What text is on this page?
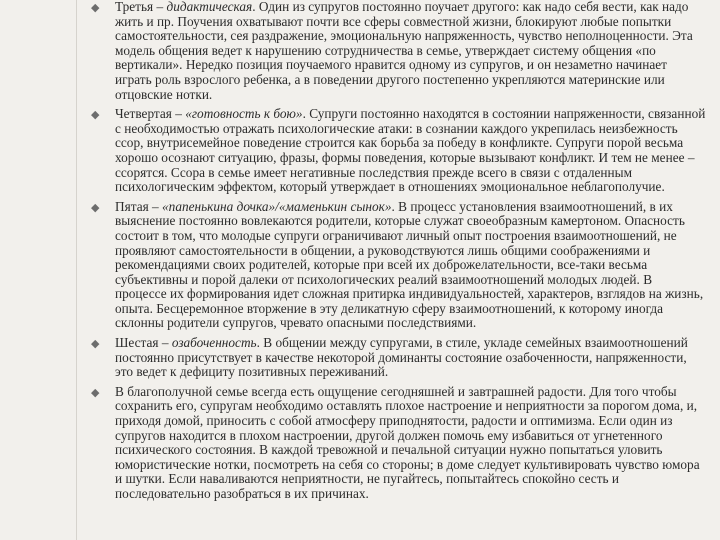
◆ Третья – дидактическая. Один из супругов постоянно поучает другого: как надо себя вести, как надо жить и пр. Поучения охватывают почти все сферы совместной жизни, блокируют любые попытки самостоятельности, сея раздражение, эмоциональную напряженность, чувство неполноценности. Эта модель общения ведет к нарушению сотрудничества в семье, утверждает систему общения «по вертикали». Нередко позиция поучаемого нравится одному из супругов, и он незаметно начинает играть роль взрослого ребенка, а в поведении другого постепенно укрепляются материнские или отцовские нотки.
◆ Четвертая – «готовность к бою». Супруги постоянно находятся в состоянии напряженности, связанной с необходимостью отражать психологические атаки: в сознании каждого укрепилась неизбежность ссор, внутрисемейное поведение строится как борьба за победу в конфликте. Супруги порой весьма хорошо осознают ситуацию, фразы, формы поведения, которые вызывают конфликт. И тем не менее – ссорятся. Ссора в семье имеет негативные последствия прежде всего в связи с отдаленным психологическим эффектом, который утверждает в отношениях эмоциональное неблагополучие.
◆ Пятая – «папенькина дочка»/«маменькин сынок». В процесс установления взаимоотношений, в их выяснение постоянно вовлекаются родители, которые служат своеобразным камертоном. Опасность состоит в том, что молодые супруги ограничивают личный опыт построения взаимоотношений, не проявляют самостоятельности в общении, а руководствуются лишь общими соображениями и рекомендациями своих родителей, которые при всей их доброжелательности, все-таки весьма субъективны и порой далеки от психологических реалий взаимоотношений молодых людей. В процессе их формирования идет сложная притирка индивидуальностей, характеров, взглядов на жизнь, опыта. Бесцеремонное вторжение в эту деликатную сферу взаимоотношений, к которому иногда склонны родители супругов, чревато опасными последствиями.
◆ Шестая – озабоченность. В общении между супругами, в стиле, укладе семейных взаимоотношений постоянно присутствует в качестве некоторой доминанты состояние озабоченности, напряженности, это ведет к дефициту позитивных переживаний.
◆ В благополучной семье всегда есть ощущение сегодняшней и завтрашней радости. Для того чтобы сохранить его, супругам необходимо оставлять плохое настроение и неприятности за порогом дома, и, приходя домой, приносить с собой атмосферу приподнятости, радости и оптимизма. Если один из супругов находится в плохом настроении, другой должен помочь ему избавиться от угнетенного психического состояния. В каждой тревожной и печальной ситуации нужно попытаться уловить юмористические нотки, посмотреть на себя со стороны; в доме следует культивировать чувство юмора и шутки. Если наваливаются неприятности, не пугайтесь, попытайтесь спокойно сесть и последовательно разобраться в их причинах.
